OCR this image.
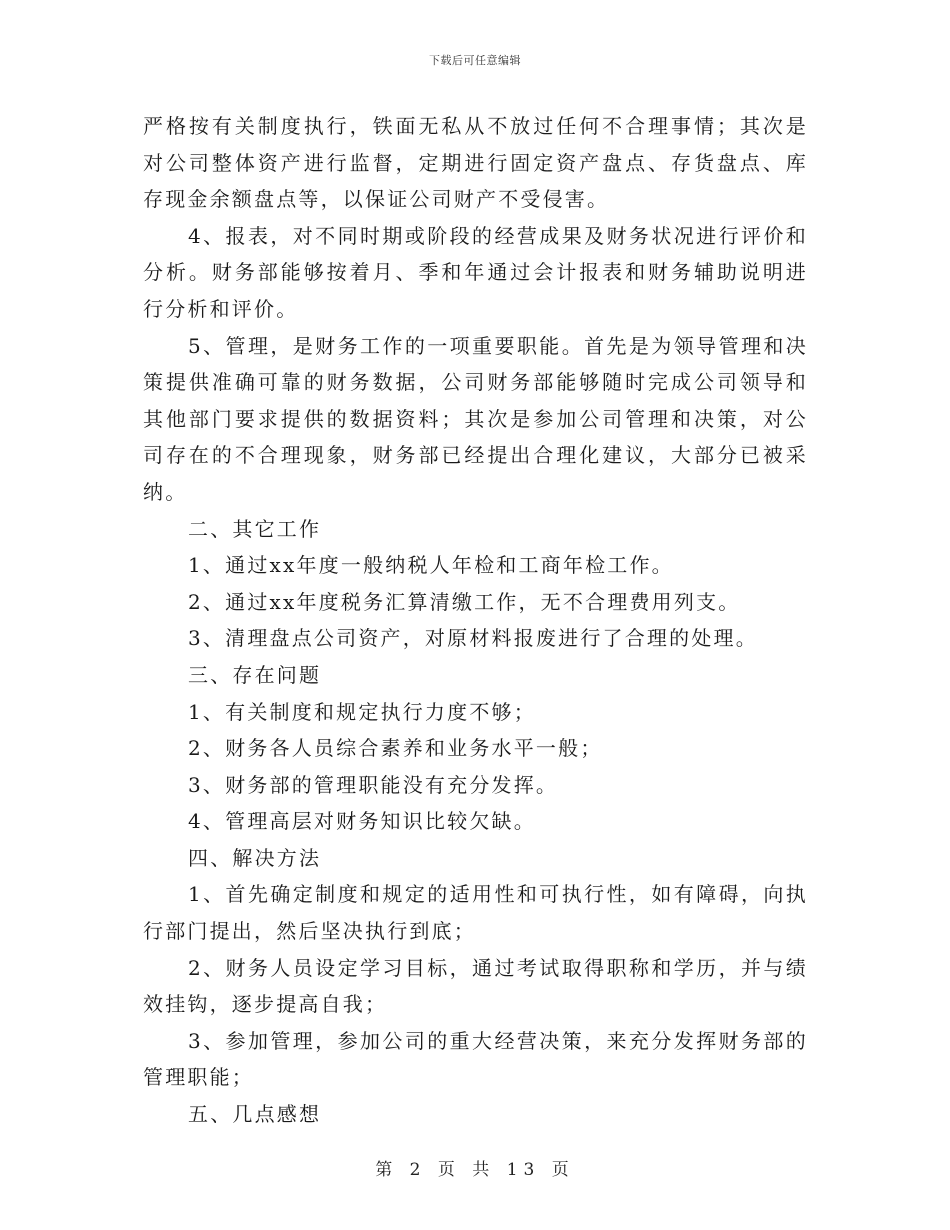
下载后可任意编辑

严格按有关制度执行，铁面无私从不放过任何不合理事情；其次是对公司整体资产进行监督，定期进行固定资产盘点、存货盘点、库存现金余额盘点等，以保证公司财产不受侵害。

4、报表，对不同时期或阶段的经营成果及财务状况进行评价和分析。财务部能够按着月、季和年通过会计报表和财务辅助说明进行分析和评价。

5、管理，是财务工作的一项重要职能。首先是为领导管理和决策提供准确可靠的财务数据，公司财务部能够随时完成公司领导和其他部门要求提供的数据资料；其次是参加公司管理和决策，对公司存在的不合理现象，财务部已经提出合理化建议，大部分已被采纳。

二、其它工作

1、通过xx年度一般纳税人年检和工商年检工作。

2、通过xx年度税务汇算清缴工作，无不合理费用列支。

3、清理盘点公司资产，对原材料报废进行了合理的处理。

三、存在问题

1、有关制度和规定执行力度不够；

2、财务各人员综合素养和业务水平一般；

3、财务部的管理职能没有充分发挥。

4、管理高层对财务知识比较欠缺。

四、解决方法

1、首先确定制度和规定的适用性和可执行性，如有障碍，向执行部门提出，然后坚决执行到底；

2、财务人员设定学习目标，通过考试取得职称和学历，并与绩效挂钩，逐步提高自我；

3、参加管理，参加公司的重大经营决策，来充分发挥财务部的管理职能；

五、几点感想

第 2 页 共 13 页
